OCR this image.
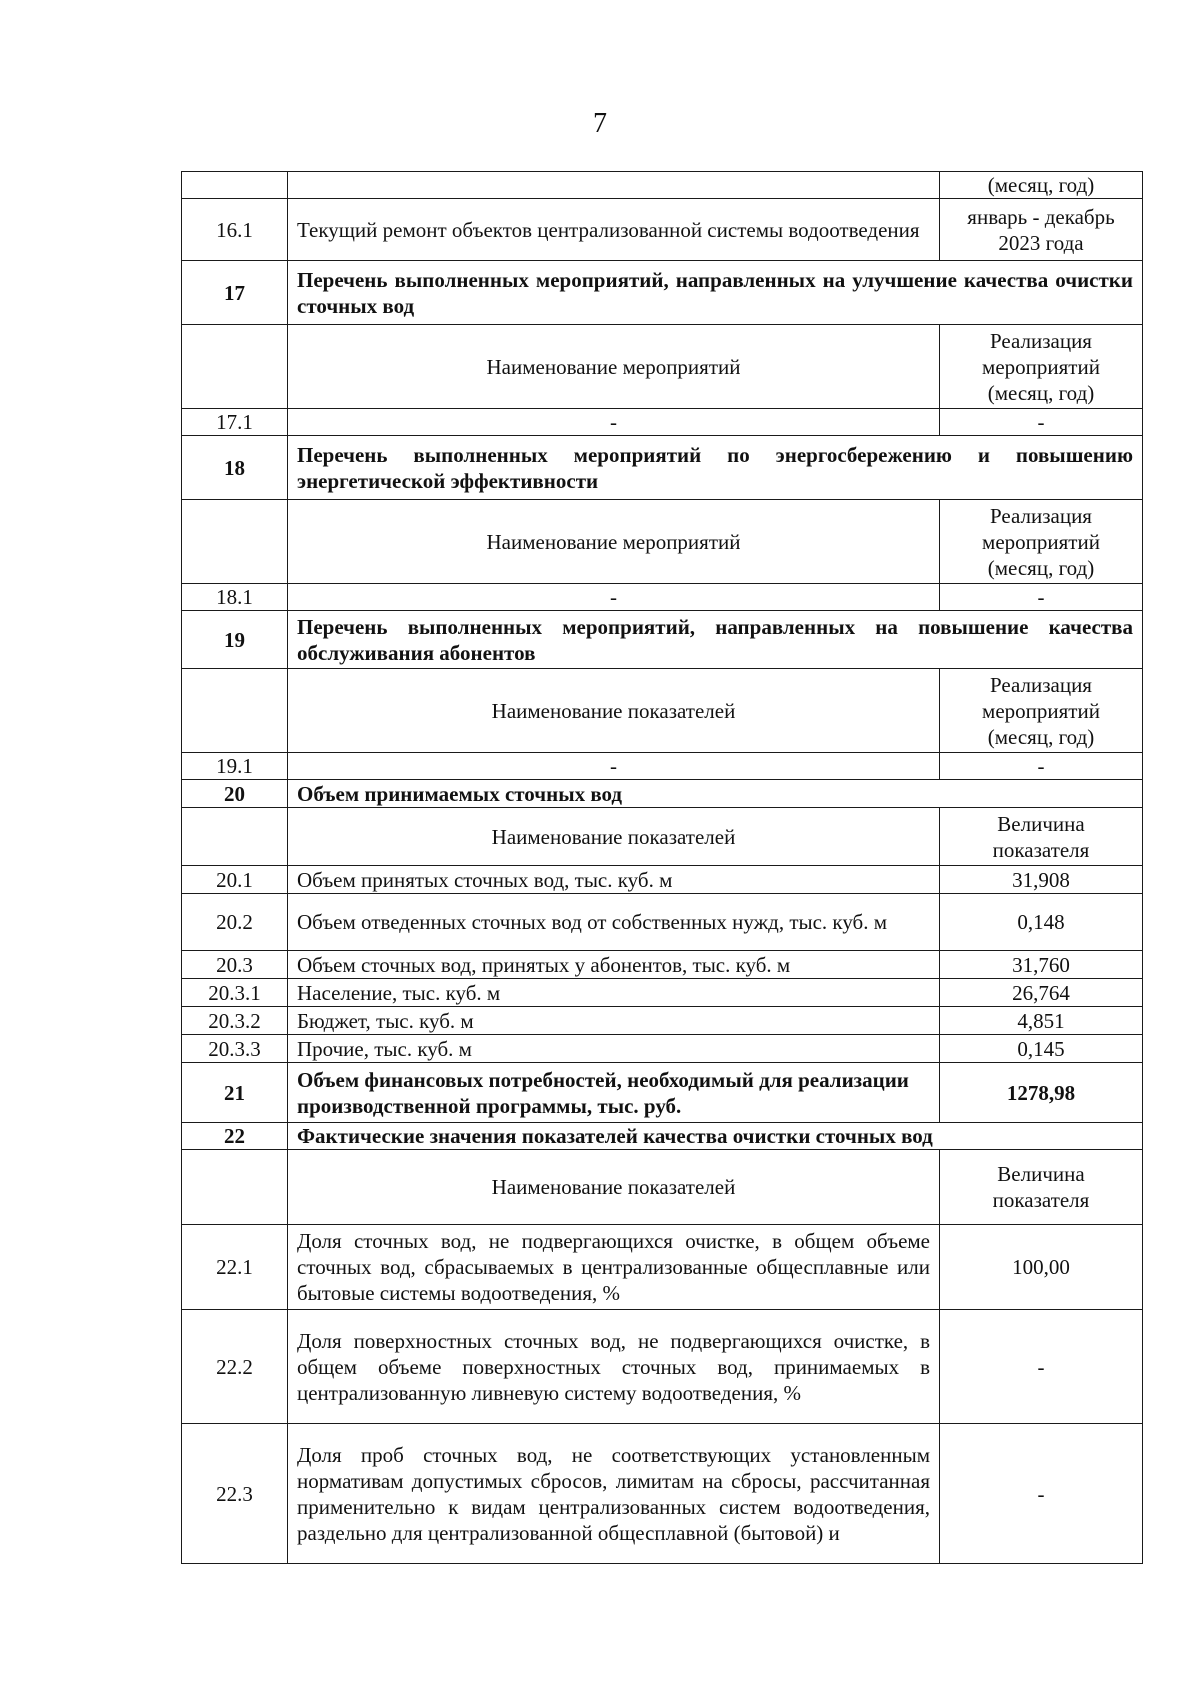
7
		(месяц, год)
16.1	Текущий ремонт объектов централизованной системы водоотведения	январь - декабрь 2023 года
17	Перечень выполненных мероприятий, направленных на улучшение качества очистки сточных вод	
	Наименование мероприятий	Реализация мероприятий (месяц, год)
17.1	-	-
18	Перечень выполненных мероприятий по энергосбережению и повышению энергетической эффективности	
	Наименование мероприятий	Реализация мероприятий (месяц, год)
18.1	-	-
19	Перечень выполненных мероприятий, направленных на повышение качества обслуживания абонентов	
	Наименование показателей	Реализация мероприятий (месяц, год)
19.1	-	-
20	Объем принимаемых сточных вод	
	Наименование показателей	Величина показателя
20.1	Объем принятых сточных вод, тыс. куб. м	31,908
20.2	Объем отведенных сточных вод от собственных нужд, тыс. куб. м	0,148
20.3	Объем сточных вод, принятых у абонентов, тыс. куб. м	31,760
20.3.1	Население, тыс. куб. м	26,764
20.3.2	Бюджет, тыс. куб. м	4,851
20.3.3	Прочие, тыс. куб. м	0,145
21	Объем финансовых потребностей, необходимый для реализации производственной программы, тыс. руб.	1278,98
22	Фактические значения показателей качества очистки сточных вод	
	Наименование показателей	Величина показателя
22.1	Доля сточных вод, не подвергающихся очистке, в общем объеме сточных вод, сбрасываемых в централизованные общесплавные или бытовые системы водоотведения, %	100,00
22.2	Доля поверхностных сточных вод, не подвергающихся очистке, в общем объеме поверхностных сточных вод, принимаемых в централизованную ливневую систему водоотведения, %	-
22.3	Доля проб сточных вод, не соответствующих установленным нормативам допустимых сбросов, лимитам на сбросы, рассчитанная применительно к видам централизованных систем водоотведения, раздельно для централизованной общесплавной (бытовой) и	-
